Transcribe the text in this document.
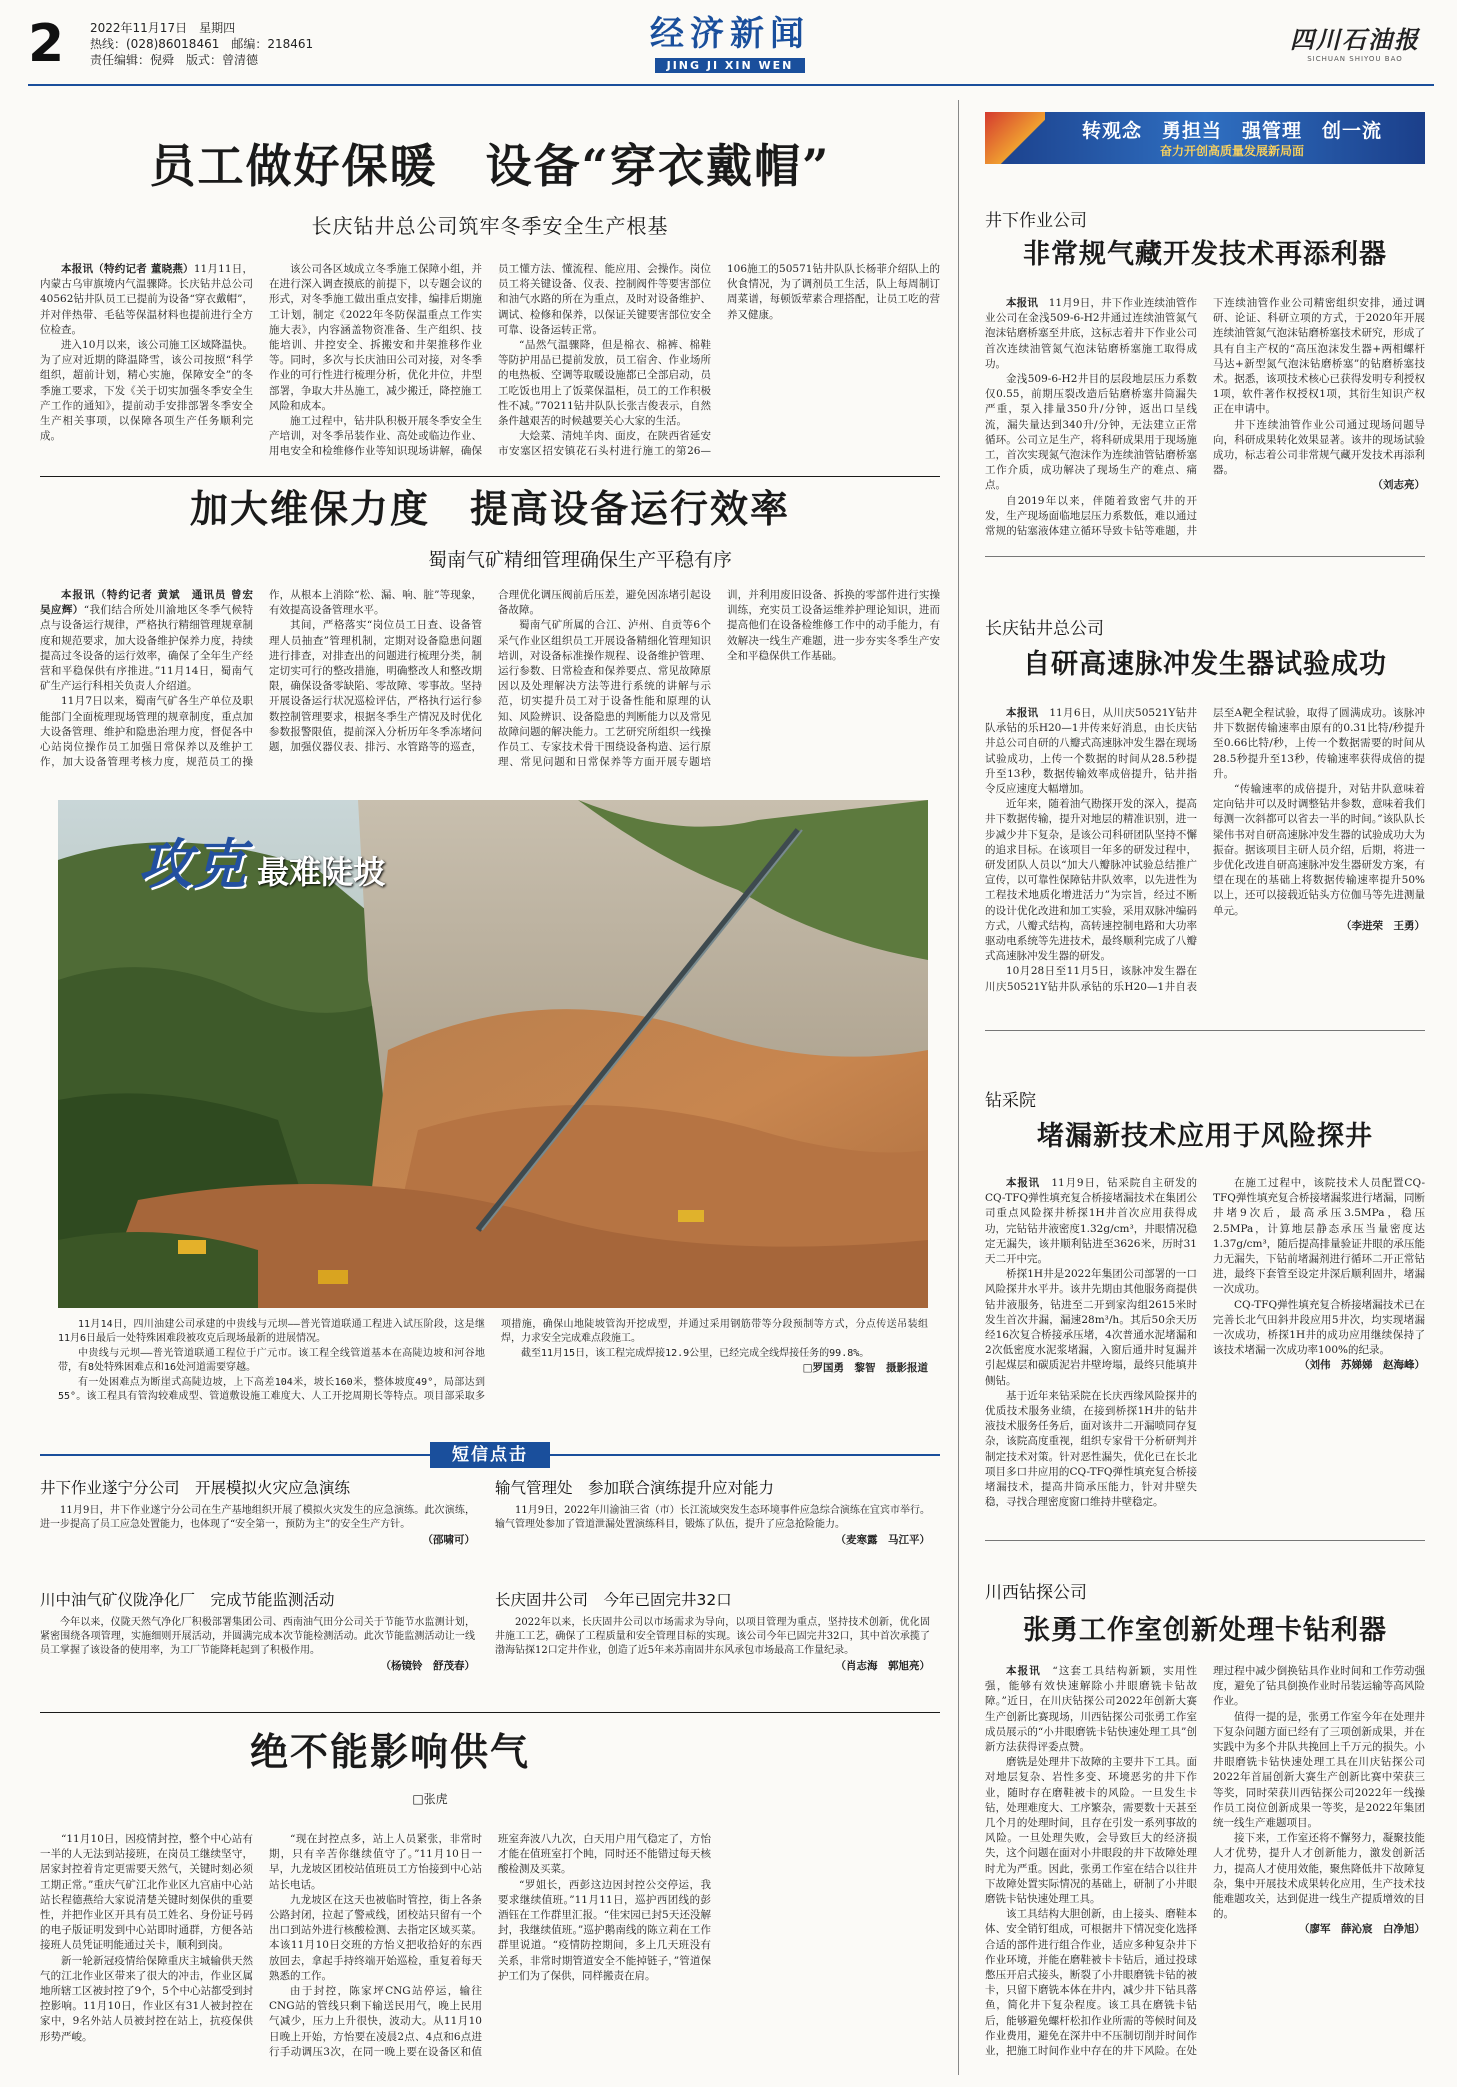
2 2022年11月17日　 星期四
热线：(028)86018461　 邮编：218461
责任编辑：倪舜　版式：曾清德
经济新闻
JING JI XIN WEN
四川石油报
SICHUAN SHIYOU BAO
转观念　勇担当　强管理　创一流
奋力开创高质量发展新局面
员工做好保暖　设备“穿衣戴帽”
长庆钻井总公司筑牢冬季安全生产根基

本报讯（特约记者 董晓燕）11月11日，内蒙古乌审旗境内气温骤降。长庆钻井总公司40562钻井队员工已提前为设备“穿衣戴帽”，并对伴热带、毛毡等保温材料也提前进行全方位检查。

进入10月以来，该公司施工区域降温快。为了应对近期的降温降雪，该公司按照“科学组织，超前计划，精心实施，保障安全”的冬季施工要求，下发《关于切实加强冬季安全生产工作的通知》，提前动手安排部署冬季安全生产相关事项，以保障各项生产任务顺利完成。

该公司各区域成立冬季施工保障小组，并在进行深入调查摸底的前提下，以专题会议的形式，对冬季施工做出重点安排，编排后期施工计划，制定《2022年冬防保温重点工作实施大表》，内容涵盖物资准备、生产组织、技能培训、井控安全、拆搬安和井架推移作业等。同时，多次与长庆油田公司对接，对冬季作业的可行性进行梳理分析，优化井位，井型部署，争取大井丛施工，减少搬迁，降控施工风险和成本。

施工过程中，钻井队积极开展冬季安全生产培训，对冬季吊装作业、高处或临边作业、用电安全和检维修作业等知识现场讲解，确保员工懂方法、懂流程、能应用、会操作。岗位员工将关键设备、仪表、控制阀件等要害部位和油气水路的所在为重点，及时对设备维护、调试、检修和保养，以保证关键要害部位安全可靠、设备运转正常。

“品然气温骤降，但是棉衣、棉裤、棉鞋等防护用品已提前发放，员工宿舍、作业场所的电热板、空调等取暖设施都已全部启动，员工吃饭也用上了饭菜保温柜，员工的工作积极性不减。”70211钻井队队长张吉俊表示，自然条件越艰苦的时候越要关心大家的生活。

大烩菜、清炖羊肉、面皮，在陕西省延安市安塞区招安镇花石头村进行施工的第26—106施工的50571钻井队队长杨菲介绍队上的伙食情况，为了调剂员工生活，队上每周制订周菜谱，每顿饭荤素合理搭配，让员工吃的营养又健康。

加大维保力度　提高设备运行效率
蜀南气矿精细管理确保生产平稳有序

本报讯（特约记者 黄斌　通讯员 曾宏　吴应辉）“我们结合所处川渝地区冬季气候特点与设备运行规律，严格执行精细管理规章制度和规范要求，加大设备维护保养力度，持续提高过冬设备的运行效率，确保了全年生产经营和平稳保供有序推进。”11月14日，蜀南气矿生产运行科相关负责人介绍道。

11月7日以来，蜀南气矿各生产单位及职能部门全面梳理现场管理的规章制度，重点加大设备管理、维护和隐患治理力度，督促各中心站岗位操作员工加强日常保养以及维护工作，加大设备管理考核力度，规范员工的操作，从根本上消除“松、漏、响、脏”等现象，有效提高设备管理水平。

其间，严格落实“岗位员工日查、设备管理人员抽查”管理机制，定期对设备隐患问题进行排查，对排查出的问题进行梳理分类，制定切实可行的整改措施，明确整改人和整改期限，确保设备零缺陷、零故障、零事故。坚持开展设备运行状况巡检评估，严格执行运行参数控制管理要求，根据冬季生产情况及时优化参数报警限值，提前深入分析历年冬季冻堵问题，加强仪器仪表、排污、水管路等的巡查，合理优化调压阀前后压差，避免因冻堵引起设备故障。

蜀南气矿所属的合江、泸州、自贡等6个采气作业区组织员工开展设备精细化管理知识培训，对设备标准操作规程、设备维护管理、运行参数、日常检查和保养要点、常见故障原因以及处理解决方法等进行系统的讲解与示范，切实提升员工对于设备性能和原理的认知、风险辨识、设备隐患的判断能力以及常见故障问题的解决能力。工艺研究所组织一线操作员工、专家技术骨干围绕设备构造、运行原理、常见问题和日常保养等方面开展专题培训，并利用废旧设备、拆换的零部件进行实操训练，充实员工设备运维养护理论知识，进而提高他们在设备检维修工作中的动手能力，有效解决一线生产难题，进一步夯实冬季生产安全和平稳保供工作基础。

攻克 最难陡坡

11月14日，四川油建公司承建的中贵线与元坝——普光管道联通工程进入试压阶段，这是继11月6日最后一处特殊困难段被攻克后现场最新的进展情况。

中贵线与元坝——普光管道联通工程位于广元市。该工程全线管道基本在高陡边坡和河谷地带，有8处特殊困难点和16处河道需要穿越。

有一处困难点为断崖式高陡边坡，上下高差104米，坡长160米，整体坡度49°，局部达到55°。该工程具有管沟较难成型、管道敷设施工难度大、人工开挖周期长等特点。项目部采取多项措施，确保山地陡坡管沟开挖成型，并通过采用钢筋带等分段预制等方式，分点传送吊装组焊，力求安全完成难点段施工。

截至11月15日，该工程完成焊接12.9公里，已经完成全线焊接任务的99.8%。

□罗国勇　黎智　摄影报道
短信点击
井下作业遂宁分公司　开展模拟火灾应急演练

11月9日，井下作业遂宁分公司在生产基地组织开展了模拟火灾发生的应急演练。此次演练，进一步提高了员工应急处置能力，也体现了“安全第一，预防为主”的安全生产方针。

（邵啸可）
输气管理处　参加联合演练提升应对能力

11月9日，2022年川渝油三省（市）长江流域突发生态环境事件应急综合演练在宜宾市举行。输气管理处参加了管道泄漏处置演练科目，锻炼了队伍，提升了应急抢险能力。

（麦寒露　马江平）
川中油气矿仪陇净化厂　完成节能监测活动

今年以来，仪陇天然气净化厂积极部署集团公司、西南油气田分公司关于节能节水监测计划，紧密围绕各项管理，实施细则开展活动，并圆满完成本次节能检测活动。此次节能监测活动让一线员工掌握了该设备的使用率，为工厂节能降耗起到了积极作用。

（杨镜铃　舒茂春）
长庆固井公司　今年已固完井32口

2022年以来，长庆固井公司以市场需求为导向，以项目管理为重点，坚持技术创新，优化固井施工工艺，确保了工程质量和安全管理目标的实现。该公司今年已固完井32口，其中首次承揽了渤海钻探12口定井作业，创造了近5年来苏南固井东风承包市场最高工作量纪录。

（肖志海　郭旭亮）
绝不能影响供气
□张虎

“11月10日，因疫情封控，整个中心站有一半的人无法到站接班，在岗员工继续坚守，居家封控着肯定更需要天然气，关键时刻必须工期正常。”重庆气矿江北作业区九宫庙中心站站长程德燕给大家说清楚关键时刻保供的重要性，并把作业区开具有员工姓名、身份证号码的电子版证明发到中心站即时通群，方便各站接班人员凭证明能通过关卡，顺利到岗。

新一轮新冠疫情给保障重庆主城输供天然气的江北作业区带来了很大的冲击，作业区属地所辖工区被封控了9个，5个中心站都受到封控影响。11月10日，作业区有31人被封控在家中，9名外站人员被封控在站上，抗疫保供形势严峻。

“现在封控点多，站上人员紧张，非常时期，只有辛苦你继续值守了。”11月10日一早，九龙坡区团校站值班员工方怡接到中心站站长电话。

九龙坡区在这天也被临时管控，街上各条公路封闭，拉起了警戒线，团校站只留有一个出口到站外进行核酸检测、去指定区域买菜。本该11月10日交班的方怡义把收拾好的东西放回去，拿起手持终端开始巡检，重复着每天熟悉的工作。

由于封控，陈家坪CNG站停运，输往CNG站的管线只剩下输送民用气，晚上民用气减少，压力上升很快，波动大。从11月10日晚上开始，方怡要在凌晨2点、4点和6点进行手动调压3次，在同一晚上要在设备区和值班室奔波八九次，白天用户用气稳定了，方怡才能在值班室打个盹，同时还不能错过每天核酸检测及买菜。

“罗姐长，西彭这边因封控公交停运，我要求继续值班。”11月11日，巡护西团线的彭酒钰在工作群里汇报。“佳宋园已封5天还没解封，我继续值班。”巡护鹅南线的陈立莉在工作群里说道。“疫情防控期间，多上几天班没有关系，非常时期管道安全不能掉链子，”管道保护工们为了保供，同样搬责在肩。

井下作业公司
非常规气藏开发技术再添利器

本报讯　 11月9日，井下作业连续油管作业公司在金浅509-6-H2井通过连续油管氮气泡沫钻磨桥塞至井底，这标志着井下作业公司首次连续油管氮气泡沫钻磨桥塞施工取得成功。

金浅509-6-H2井目的层段地层压力系数仅0.55，前期压裂改造后钻磨桥塞井筒漏失严重，泵入排量350升/分钟，返出口呈线流，漏失量达到340升/分钟，无法建立正常循环。公司立足生产，将科研成果用于现场施工，首次实现氮气泡沫作为连续油管钻磨桥塞工作介质，成功解决了现场生产的难点、痛点。

自2019年以来，伴随着致密气井的开发，生产现场面临地层压力系数低，难以通过常规的钻塞液体建立循环导致卡钻等难题，井下连续油管作业公司精密组织安排，通过调研、论证、科研立项的方式，于2020年开展连续油管氮气泡沫钻磨桥塞技术研究，形成了具有自主产权的“高压泡沫发生器+两相螺杆马达+新型氮气泡沫钻磨桥塞”的钻磨桥塞技术。据悉，该项技术核心已获得发明专利授权1项，软件著作权授权1项，其衍生知识产权正在申请中。

井下连续油管作业公司通过现场问题导向，科研成果转化效果显著。该井的现场试验成功，标志着公司非常规气藏开发技术再添利器。

（刘志亮）
长庆钻井总公司
自研高速脉冲发生器试验成功

本报讯　 11月6日，从川庆50521Y钻井队承钻的乐H20—1井传来好消息，由长庆钻井总公司自研的八瓣式高速脉冲发生器在现场试验成功，上传一个数据的时间从28.5秒提升至13秒，数据传输效率成倍提升，钻井指令反应速度大幅增加。

近年来，随着油气勘探开发的深入，提高井下数据传输，提升对地层的精准识别，进一步减少井下复杂，是该公司科研团队坚持不懈的追求目标。在该项目一年多的研发过程中，研发团队人员以“加大八瓣脉冲试验总结推广宣传，以可靠性保障钻井队效率，以先进性为工程技术地质化增进活力”为宗旨，经过不断的设计优化改进和加工实验，采用双脉冲编码方式，八瓣式结构，高转速控制电路和大功率驱动电系统等先进技术，最终顺利完成了八瓣式高速脉冲发生器的研发。

10月28日至11月5日，该脉冲发生器在川庆50521Y钻井队承钻的乐H20—1井自表层至A靶全程试验，取得了圆满成功。该脉冲井下数据传输速率由原有的0.31比特/秒提升至0.66比特/秒，上传一个数据需要的时间从28.5秒提升至13秒，传输速率获得成倍的提升。

“传输速率的成倍提升，对钻井队意味着定向钻井可以及时调整钻井参数，意味着我们每测一次斜都可以省去一半的时间。”该队队长梁伟书对自研高速脉冲发生器的试验成功大为振奋。据该项目主研人员介绍，后期，将进一步优化改进自研高速脉冲发生器研发方案，有望在现在的基础上将数据传输速率提升50%以上，还可以接载近钻头方位伽马等先进测量单元。

（李进荣　王勇）
钻采院
堵漏新技术应用于风险探井

本报讯　 11月9日，钻采院自主研发的CQ-TFQ弹性填充复合桥接堵漏技术在集团公司重点风险探井桥探1H井首次应用获得成功，完钻钻井液密度1.32g/cm³，井眼情况稳定无漏失，该井顺利钻进至3626米，历时31天二开中完。

桥探1H井是2022年集团公司部署的一口风险探井水平井。该井先期由其他服务商提供钻井液服务，钻进至二开到家沟组2615米时发生首次井漏，漏速28m³/h。其后50余天历经16次复合桥接承压堵，4次普通水泥堵漏和2次低密度水泥浆堵漏，入窗后通井时复漏并引起煤层和碳质泥岩井壁垮塌，最终只能填井侧钻。

基于近年来钻采院在长庆西缘风险探井的优质技术服务业绩，在接到桥探1H井的钻井液技术服务任务后，面对该井二开漏喷同存复杂，该院高度重视，组织专家骨干分析研判并制定技术对策。针对恶性漏失，优化已在长北项目多口井应用的CQ-TFQ弹性填充复合桥接堵漏技术，提高井筒承压能力，针对井壁失稳，寻找合理密度窗口维持井壁稳定。

在施工过程中，该院技术人员配置CQ-TFQ弹性填充复合桥接堵漏浆进行堵漏，同断井堵9次后，最高承压3.5MPa，稳压2.5MPa，计算地层静态承压当量密度达1.37g/cm³，随后提高排量验证井眼的承压能力无漏失，下钻前堵漏剂进行循环二开正常钻进，最终下套管至设定井深后顺利固井，堵漏一次成功。

CQ-TFQ弹性填充复合桥接堵漏技术已在完善长北气田斜井段应用5井次，均实现堵漏一次成功，桥探1H井的成功应用继续保持了该技术堵漏一次成功率100%的纪录。

（刘伟　苏娣娣　赵海峰）
川西钻探公司
张勇工作室创新处理卡钻利器

本报讯　 “这套工具结构新颖，实用性强，能够有效快速解除小井眼磨铣卡钻故障。”近日，在川庆钻探公司2022年创新大赛生产创新比赛现场，川西钻探公司张勇工作室成员展示的“小井眼磨铣卡钻快速处理工具”创新方法获得评委点赞。

磨铣是处理井下故障的主要井下工具。面对地层复杂、岩性多变、环境恶劣的井下作业，随时存在磨鞋被卡的风险。一旦发生卡钻，处理难度大、工序繁杂，需要数十天甚至几个月的处理时间，且存在引发一系列事故的风险。一旦处理失败，会导致巨大的经济损失，这个问题在面对小井眼段的井下故障处理时尤为严重。因此，张勇工作室在结合以往井下故障处置实际情况的基础上，研制了小井眼磨铣卡钻快速处理工具。

该工具结构大胆创新，由上接头、磨鞋本体、安全销钉组成，可根据井下情况变化选择合适的部件进行组合作业，适应多种复杂井下作业环境，并能在磨鞋被卡卡钻后，通过投球憋压开启式接头，断裂了小井眼磨铣卡钻的被卡，只留下磨铣本体在井内，减少井下钻具落鱼，简化井下复杂程度。该工具在磨铣卡钻后，能够避免螺杆松扣作业所需的等候时间及作业费用，避免在深井中不压制切削并时间作业，把施工时间作业中存在的井下风险。在处理过程中减少倒换钻具作业时间和工作劳动强度，避免了钻具倒换作业时吊装运输等高风险作业。

值得一提的是，张勇工作室今年在处理井下复杂问题方面已经有了三项创新成果，并在实践中为多个井队共挽回上千万元的损失。小井眼磨铣卡钻快速处理工具在川庆钻探公司2022年首届创新大赛生产创新比赛中荣获三等奖，同时荣获川西钻探公司2022年一线操作员工岗位创新成果一等奖，是2022年集团统一线生产难题项目。

接下来，工作室还将不懈努力，凝聚技能人才优势，提升人才创新能力，激发创新活力，提高人才使用效能，聚焦降低井下故障复杂，集中开展技术成果转化应用，生产技术技能难题攻关，达到促进一线生产提质增效的目的。

（廖军　薛沁宸　白净旭）
